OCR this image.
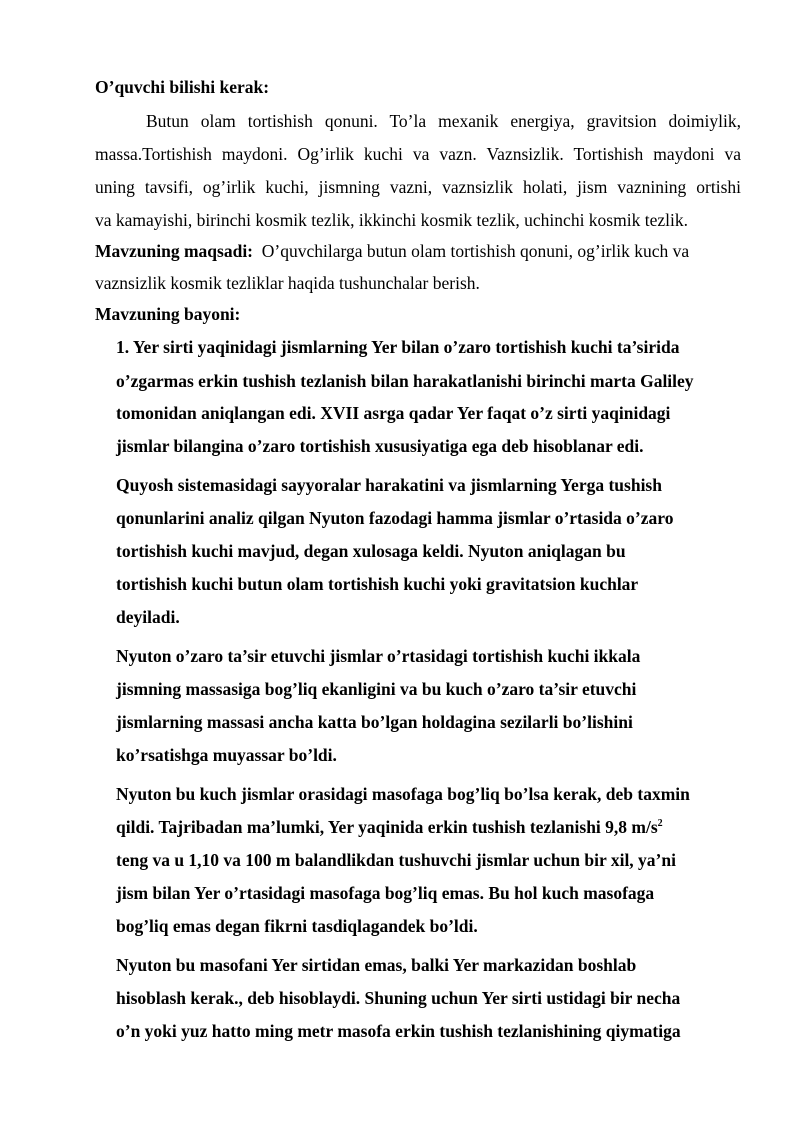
O’quvchi bilishi kerak:
Butun olam tortishish qonuni. To’la mexanik energiya, gravitsion doimiylik,
massa.Tortishish maydoni. Og’irlik kuchi va vazn. Vaznsizlik. Tortishish maydoni va
uning tavsifi, og’irlik kuchi, jismning vazni, vaznsizlik holati, jism vaznining ortishi
va kamayishi, birinchi kosmik tezlik, ikkinchi kosmik tezlik, uchinchi kosmik tezlik.
Mavzuning maqsadi: O’quvchilarga butun olam tortishish qonuni, og’irlik kuch va
vaznsizlik kosmik tezliklar haqida tushunchalar berish.
Mavzuning bayoni:
1. Yer sirti yaqinidagi jismlarning Yer bilan o’zaro tortishish kuchi ta’sirida
o’zgarmas erkin tushish tezlanish bilan harakatlanishi birinchi marta Galiley
tomonidan aniqlangan edi. XVII asrga qadar Yer faqat o’z sirti yaqinidagi
jismlar bilangina o’zaro tortishish xususiyatiga ega deb hisoblanar edi.
Quyosh sistemasidagi sayyoralar harakatini va jismlarning Yerga tushish
qonunlarini analiz qilgan Nyuton fazodagi hamma jismlar o’rtasida o’zaro
tortishish kuchi mavjud, degan xulosaga keldi. Nyuton aniqlagan bu
tortishish kuchi butun olam tortishish kuchi yoki gravitatsion kuchlar
deyiladi.
Nyuton o’zaro ta’sir etuvchi jismlar o’rtasidagi tortishish kuchi ikkala
jismning massasiga bog’liq ekanligini va bu kuch o’zaro ta’sir etuvchi
jismlarning massasi ancha katta bo’lgan holdagina sezilarli bo’lishini
ko’rsatishga muyassar bo’ldi.
Nyuton bu kuch jismlar orasidagi masofaga bog’liq bo’lsa kerak, deb taxmin
qildi. Tajribadan ma’lumki, Yer yaqinida erkin tushish tezlanishi 9,8 $m/s^2$
teng va u 1,10 va 100 m balandlikdan tushuvchi jismlar uchun bir xil, ya’ni
jism bilan Yer o’rtasidagi masofaga bog’liq emas. Bu hol kuch masofaga
bog’liq emas degan fikrni tasdiqlagandek bo’ldi.
Nyuton bu masofani Yer sirtidan emas, balki Yer markazidan boshlab
hisoblash kerak., deb hisoblaydi. Shuning uchun Yer sirti ustidagi bir necha
o’n yoki yuz hatto ming metr masofa erkin tushish tezlanishining qiymatiga
